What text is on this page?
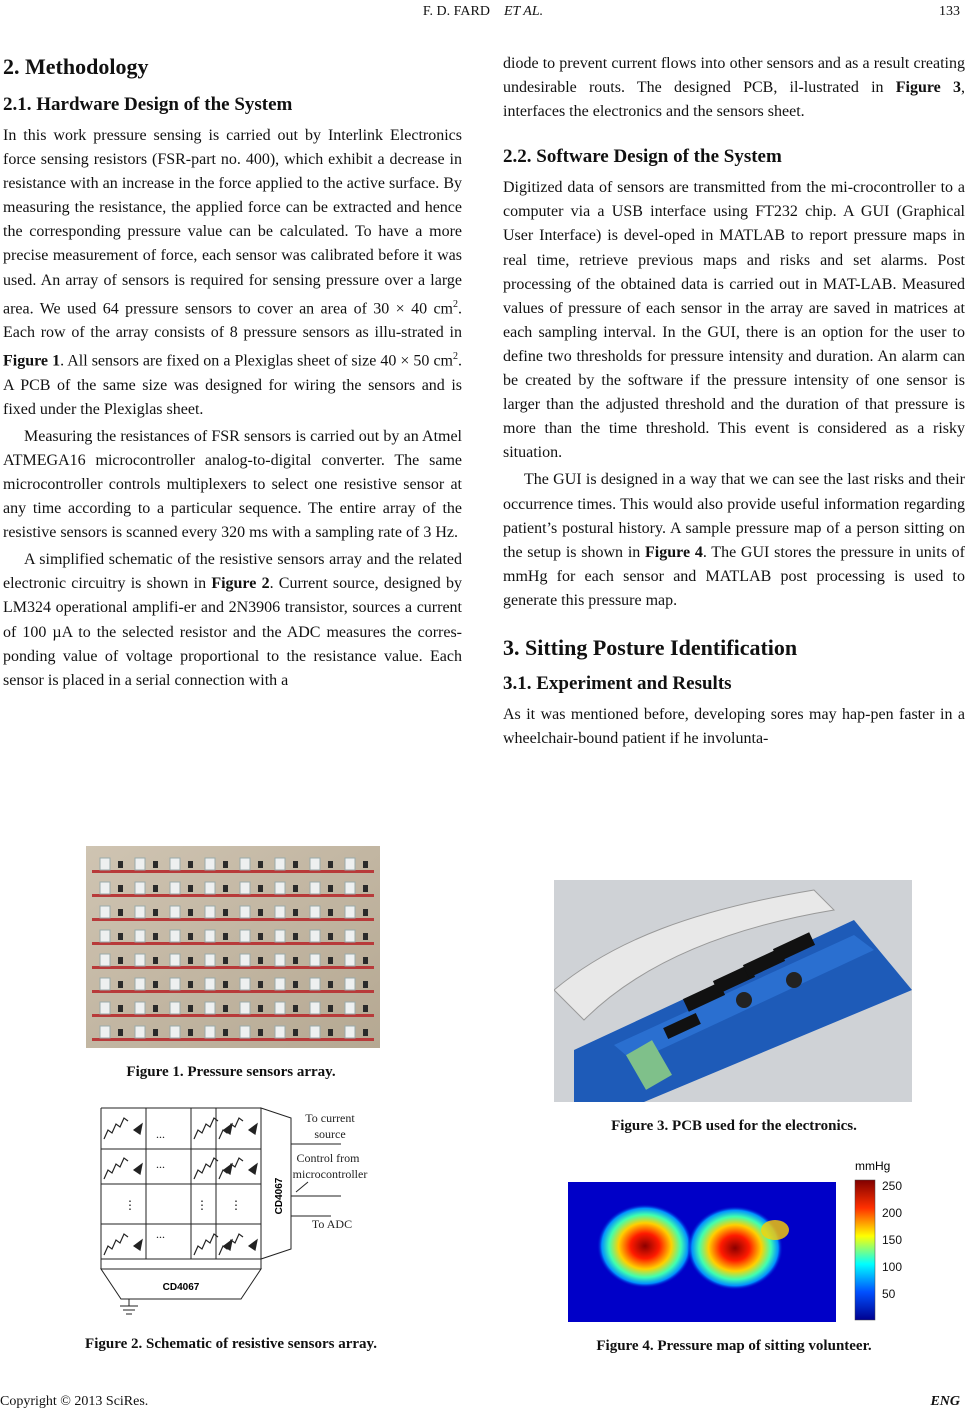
F. D. FARD ET AL.	133
2. Methodology
2.1. Hardware Design of the System

In this work pressure sensing is carried out by Interlink Electronics force sensing resistors (FSR-part no. 400), which exhibit a decrease in resistance with an increase in the force applied to the active surface. By measuring the resistance, the applied force can be extracted and hence the corresponding pressure value can be calculated. To have a more precise measurement of force, each sensor was calibrated before it was used. An array of sensors is required for sensing pressure over a large area. We used 64 pressure sensors to cover an area of 30 × 40 $cm^2$. Each row of the array consists of 8 pressure sensors as illu-strated in Figure 1. All sensors are fixed on a Plexiglas sheet of size 40 × 50 $cm^2$. A PCB of the same size was designed for wiring the sensors and is fixed under the Plexiglas sheet.

Measuring the resistances of FSR sensors is carried out by an Atmel ATMEGA16 microcontroller analog-to-digital converter. The same microcontroller controls multiplexers to select one resistive sensor at any time according to a particular sequence. The entire array of the resistive sensors is scanned every 320 ms with a sampling rate of 3 Hz.

A simplified schematic of the resistive sensors array and the related electronic circuitry is shown in Figure 2. Current source, designed by LM324 operational amplifi-er and 2N3906 transistor, sources a current of 100 µA to the selected resistor and the ADC measures the corres-ponding value of voltage proportional to the resistance value. Each sensor is placed in a serial connection with a

Figure 1. Pressure sensors array.
...
...
...
⋮	⋮ ⋮
To current
source
Control from
microcontroller
To ADC
CD4067
CD4067
Figure 2. Schematic of resistive sensors array.

diode to prevent current flows into other sensors and as a result creating undesirable routs. The designed PCB, il-lustrated in Figure 3, interfaces the electronics and the sensors sheet.

2.2. Software Design of the System

Digitized data of sensors are transmitted from the mi-crocontroller to a computer via a USB interface using FT232 chip. A GUI (Graphical User Interface) is devel-oped in MATLAB to report pressure maps in real time, retrieve previous maps and risks and set alarms. Post processing of the obtained data is carried out in MAT-LAB. Measured values of pressure of each sensor in the array are saved in matrices at each sampling interval. In the GUI, there is an option for the user to define two thresholds for pressure intensity and duration. An alarm can be created by the software if the pressure intensity of one sensor is larger than the adjusted threshold and the duration of that pressure is more than the time threshold. This event is considered as a risky situation.

The GUI is designed in a way that we can see the last risks and their occurrence times. This would also provide useful information regarding patient’s postural history. A sample pressure map of a person sitting on the setup is shown in Figure 4. The GUI stores the pressure in units of mmHg for each sensor and MATLAB post processing is used to generate this pressure map.

3. Sitting Posture Identification
3.1. Experiment and Results

As it was mentioned before, developing sores may hap-pen faster in a wheelchair-bound patient if he involunta-

Figure 3. PCB used for the electronics.
mmHg
250
200
150
100
50
Figure 4. Pressure map of sitting volunteer.
Copyright © 2013 SciRes.	ENG
